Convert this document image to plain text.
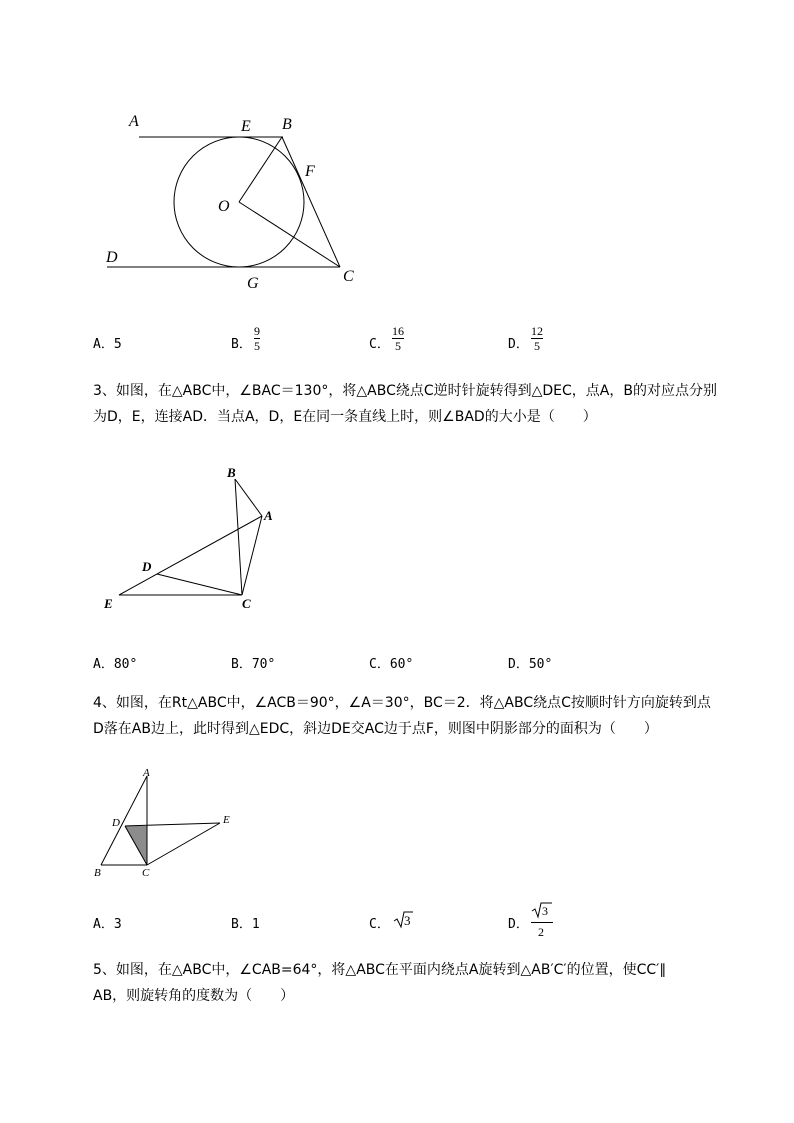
A	E B
F
O
D
G	C
A．5	B．
9
5	C．
16
5	D．
12
5
3、如图，在△ABC中，∠BAC＝130°，将△ABC绕点C逆时针旋转得到△DEC，点A，B的对应点分别
为D，E，连接AD．当点A，D，E在同一条直线上时，则∠BAD的大小是（　　）
B
A
D
E	C
A．80°	B．70°	C．60°	D．50°
4、如图，在Rt△ABC中，∠ACB＝90°，∠A＝30°，BC＝2．将△ABC绕点C按顺时针方向旋转到点
D落在AB边上，此时得到△EDC，斜边DE交AC边于点F，则图中阴影部分的面积为（　　）
A
D	E
B	C
A．3	B．1	C． 3	D．
3
2
5、如图，在△ABC中，∠CAB=64°，将△ABC在平面内绕点A旋转到△AB′C′的位置，使CC′∥
AB，则旋转角的度数为（　　）
